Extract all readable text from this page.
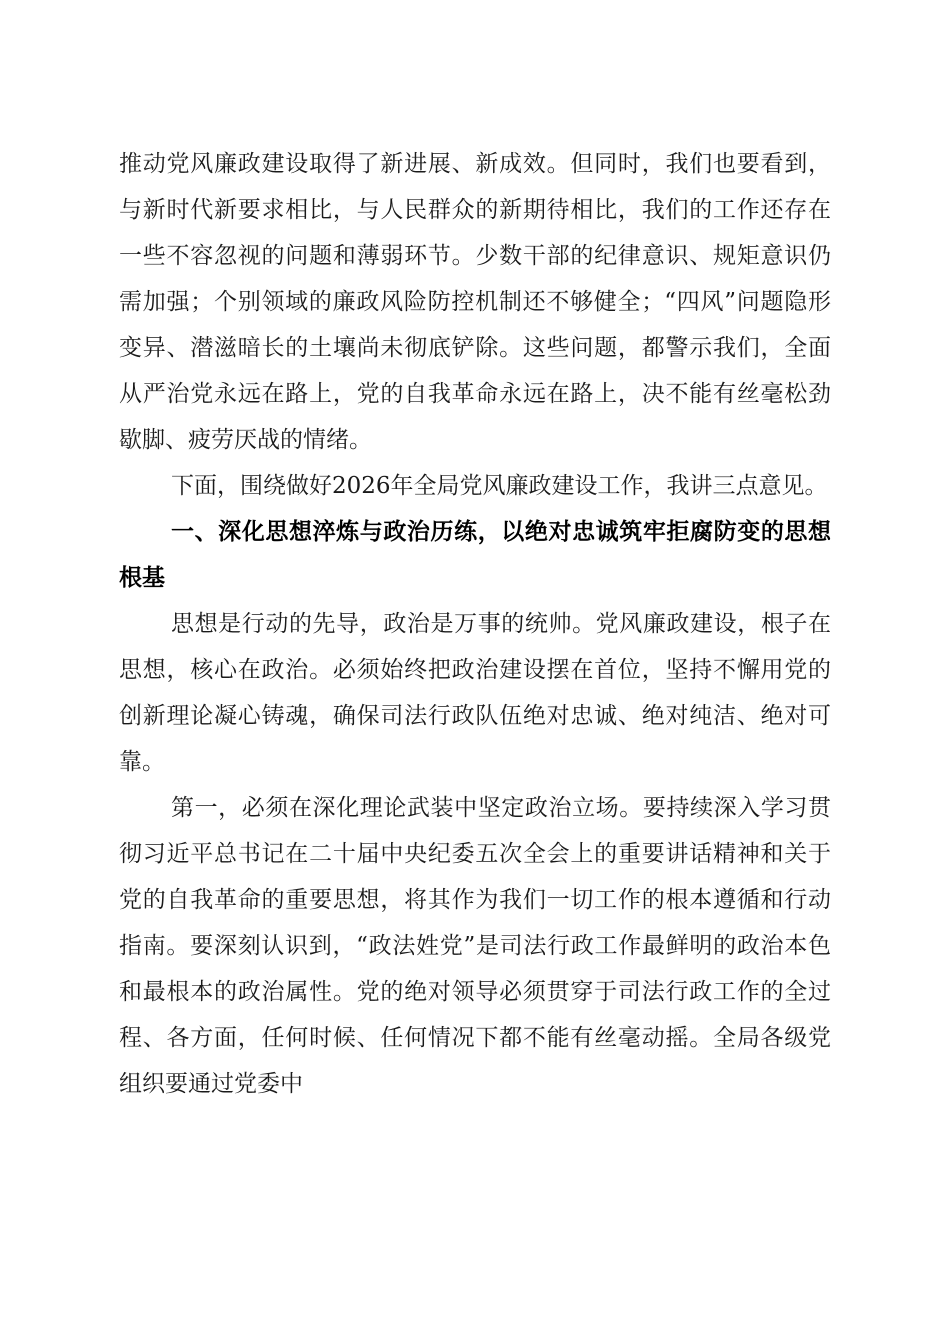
推动党风廉政建设取得了新进展、新成效。但同时，我们也要看到，与新时代新要求相比，与人民群众的新期待相比，我们的工作还存在一些不容忽视的问题和薄弱环节。少数干部的纪律意识、规矩意识仍需加强；个别领域的廉政风险防控机制还不够健全；“四风”问题隐形变异、潜滋暗长的土壤尚未彻底铲除。这些问题，都警示我们，全面从严治党永远在路上，党的自我革命永远在路上，决不能有丝毫松劲歇脚、疲劳厌战的情绪。

下面，围绕做好2026年全局党风廉政建设工作，我讲三点意见。

一、深化思想淬炼与政治历练，以绝对忠诚筑牢拒腐防变的思想根基

思想是行动的先导，政治是万事的统帅。党风廉政建设，根子在思想，核心在政治。必须始终把政治建设摆在首位，坚持不懈用党的创新理论凝心铸魂，确保司法行政队伍绝对忠诚、绝对纯洁、绝对可靠。

第一，必须在深化理论武装中坚定政治立场。要持续深入学习贯彻习近平总书记在二十届中央纪委五次全会上的重要讲话精神和关于党的自我革命的重要思想，将其作为我们一切工作的根本遵循和行动指南。要深刻认识到，“政法姓党”是司法行政工作最鲜明的政治本色和最根本的政治属性。党的绝对领导必须贯穿于司法行政工作的全过程、各方面，任何时候、任何情况下都不能有丝毫动摇。全局各级党组织要通过党委中
